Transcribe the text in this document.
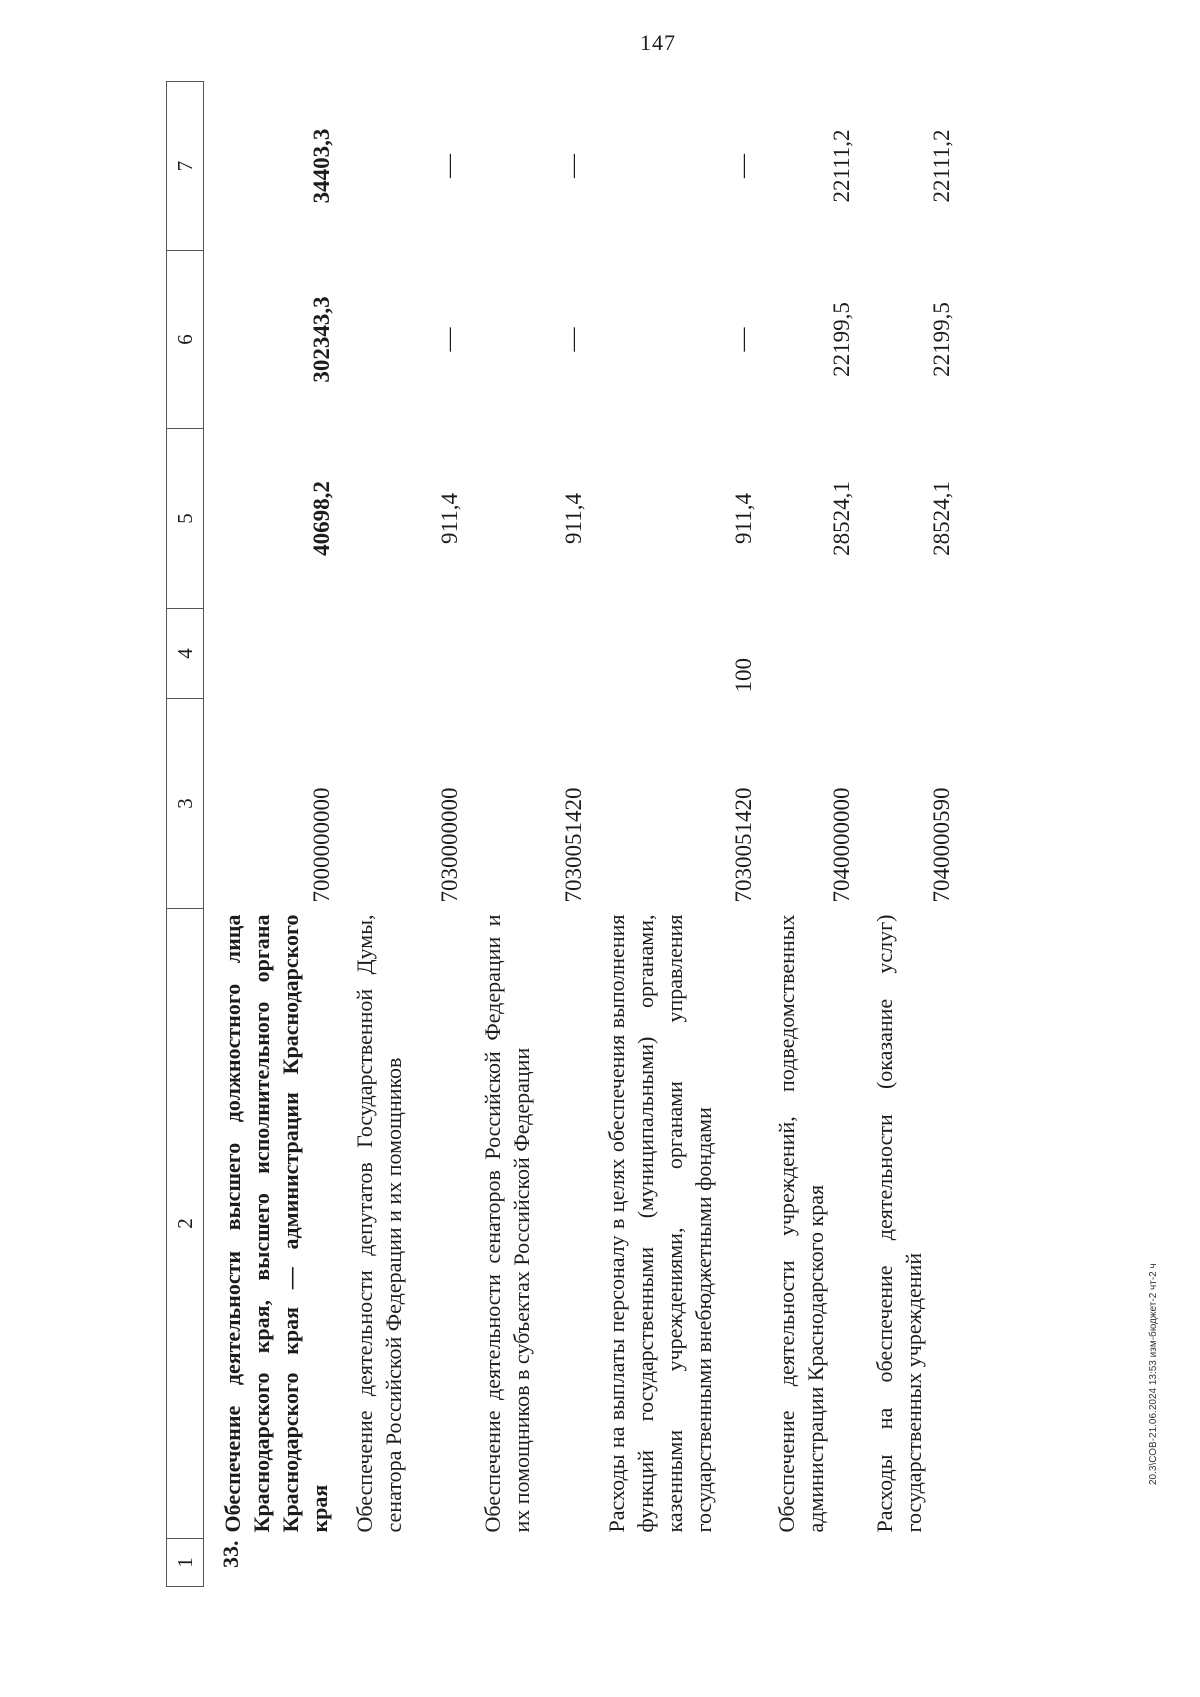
147
20.3\СОВ-21.06.2024 13:53 изм-бюджет-2 чт-2 ч
1	2	3	4	5	6	7
33.	Обеспечение деятельности высшего должностного лица Краснодарского края, высшего исполнительного органа Краснодарского края — администрации Краснодарского края	7000000000		40698,2	302343,3	34403,3
	Обеспечение деятельности депутатов Государственной Думы, сенатора Российской Федерации и их помощников	7030000000		911,4	—	—
	Обеспечение деятельности сенаторов Российской Федерации и их помощников в субъектах Российской Федерации	7030051420		911,4	—	—
	Расходы на выплаты персоналу в целях обеспечения выполнения функций государственными (муниципальными) органами, казенными учреждениями, органами управления государственными внебюджетными фондами	7030051420	100	911,4	—	—
	Обеспечение деятельности учреждений, подведомственных администрации Краснодарского края	7040000000		28524,1	22199,5	22111,2
	Расходы на обеспечение деятельности (оказание услуг) государственных учреждений	7040000590		28524,1	22199,5	22111,2
